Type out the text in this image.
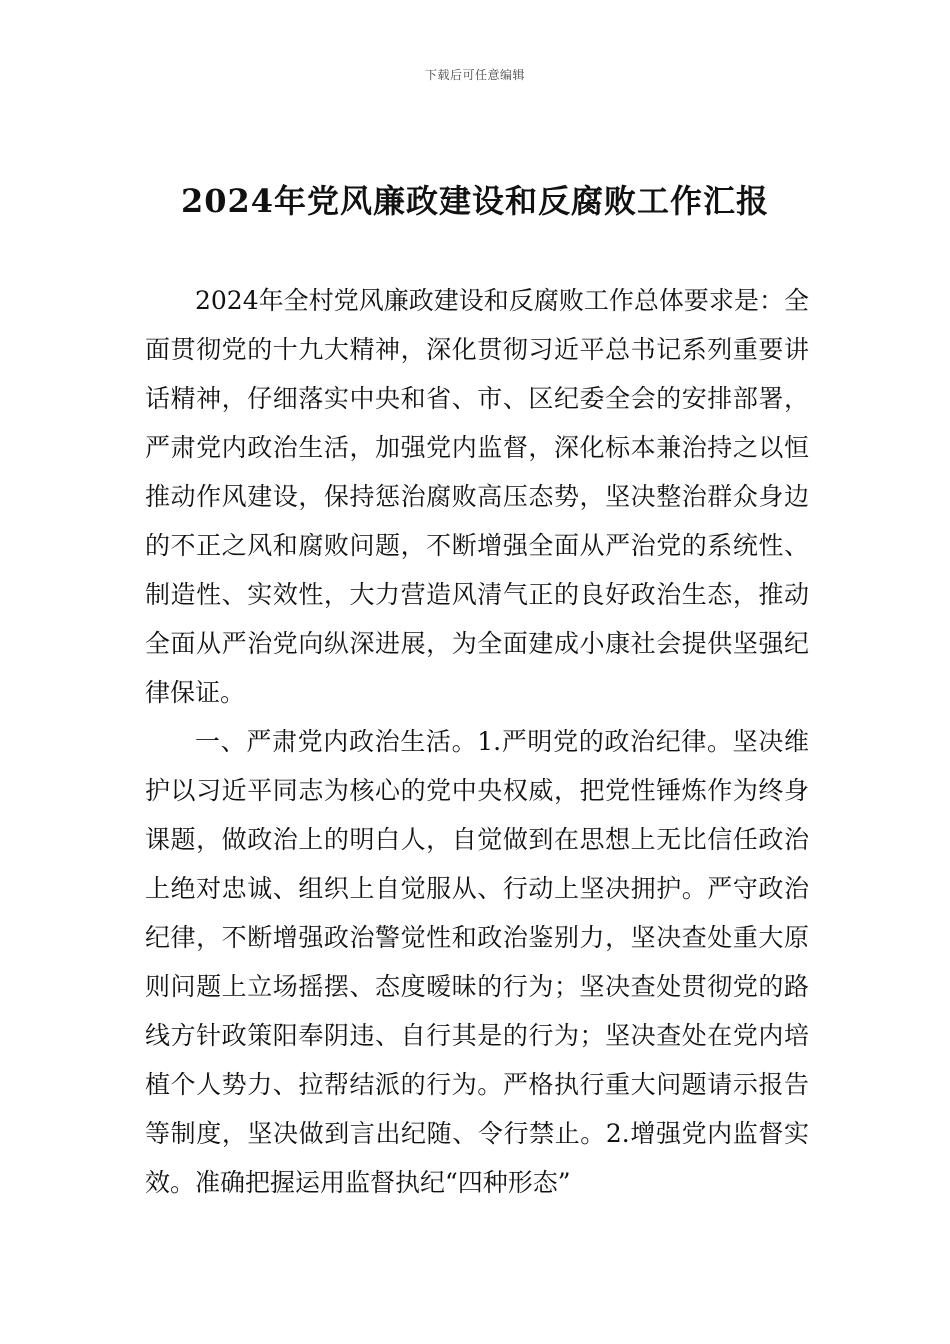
下载后可任意编辑
2024年党风廉政建设和反腐败工作汇报

2024年全村党风廉政建设和反腐败工作总体要求是：全面贯彻党的十九大精神，深化贯彻习近平总书记系列重要讲话精神，仔细落实中央和省、市、区纪委全会的安排部署，严肃党内政治生活，加强党内监督，深化标本兼治持之以恒推动作风建设，保持惩治腐败高压态势，坚决整治群众身边的不正之风和腐败问题，不断增强全面从严治党的系统性、制造性、实效性，大力营造风清气正的良好政治生态，推动全面从严治党向纵深进展，为全面建成小康社会提供坚强纪律保证。

一、严肃党内政治生活。1.严明党的政治纪律。坚决维护以习近平同志为核心的党中央权威，把党性锤炼作为终身课题，做政治上的明白人，自觉做到在思想上无比信任政治上绝对忠诚、组织上自觉服从、行动上坚决拥护。严守政治纪律，不断增强政治警觉性和政治鉴别力，坚决查处重大原则问题上立场摇摆、态度暧昧的行为；坚决查处贯彻党的路线方针政策阳奉阴违、自行其是的行为；坚决查处在党内培植个人势力、拉帮结派的行为。严格执行重大问题请示报告等制度，坚决做到言出纪随、令行禁止。2.增强党内监督实效。准确把握运用监督执纪“四种形态”
